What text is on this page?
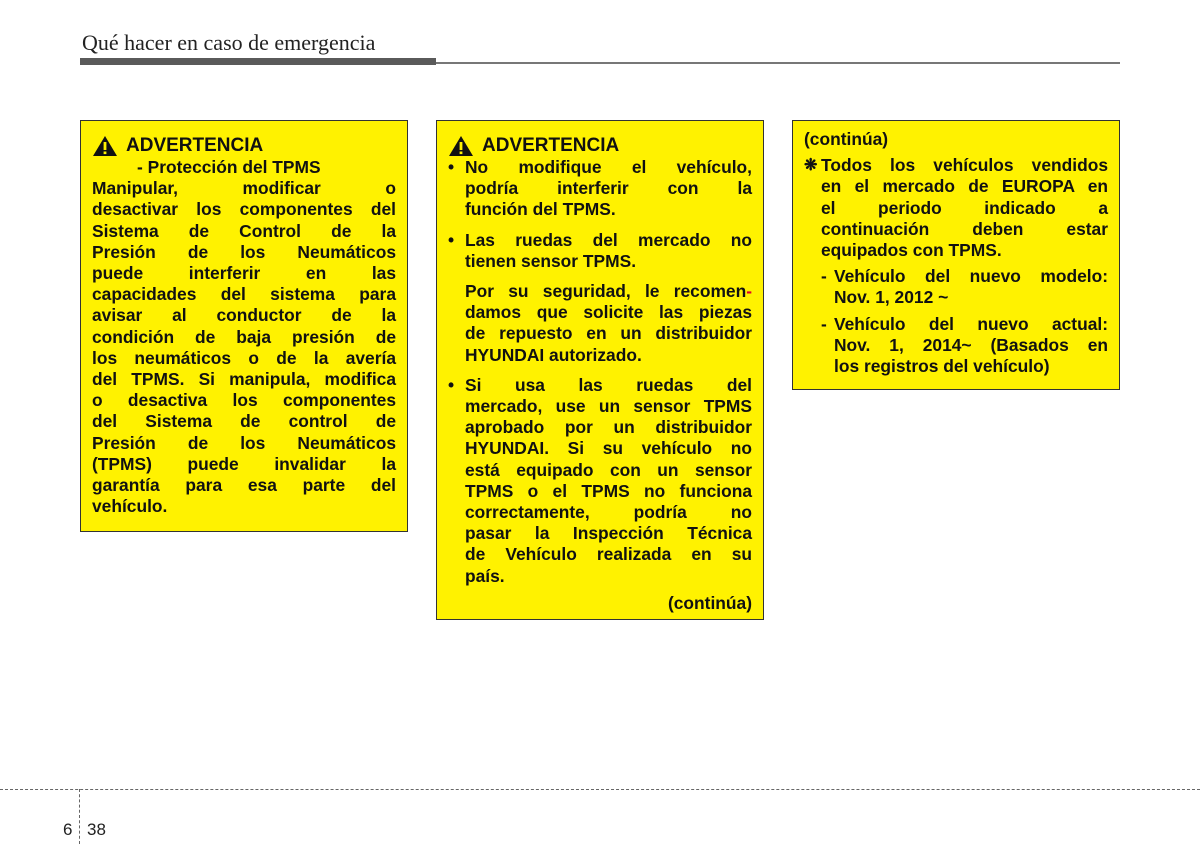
Qué hacer en caso de emergencia
ADVERTENCIA

- Protección del TPMS

Manipular, modificar o

desactivar los componentes del

Sistema de Control de la

Presión de los Neumáticos

puede interferir en las

capacidades del sistema para

avisar al conductor de la

condición de baja presión de

los neumáticos o de la avería

del TPMS. Si manipula, modifica

o desactiva los componentes

del Sistema de control de

Presión de los Neumáticos

(TPMS) puede invalidar la

garantía para esa parte del

vehículo.

ADVERTENCIA
• No modifique el vehículo,

podría interferir con la

función del TPMS.

• Las ruedas del mercado no

tienen sensor TPMS.

Por su seguridad, le recomen-

damos que solicite las piezas

de repuesto en un distribuidor

HYUNDAI autorizado.

• Si usa las ruedas del

mercado, use un sensor TPMS

aprobado por un distribuidor

HYUNDAI. Si su vehículo no

está equipado con un sensor

TPMS o el TPMS no funciona

correctamente, podría no

pasar la Inspección Técnica

de Vehículo realizada en su

país.

(continúa)

(continúa)

❋ Todos los vehículos vendidos

en el mercado de EUROPA en

el periodo indicado a

continuación deben estar

equipados con TPMS.

- Vehículo del nuevo modelo:

Nov. 1, 2012 ~

- Vehículo del nuevo actual:

Nov. 1, 2014~ (Basados en

los registros del vehículo)

6 38
